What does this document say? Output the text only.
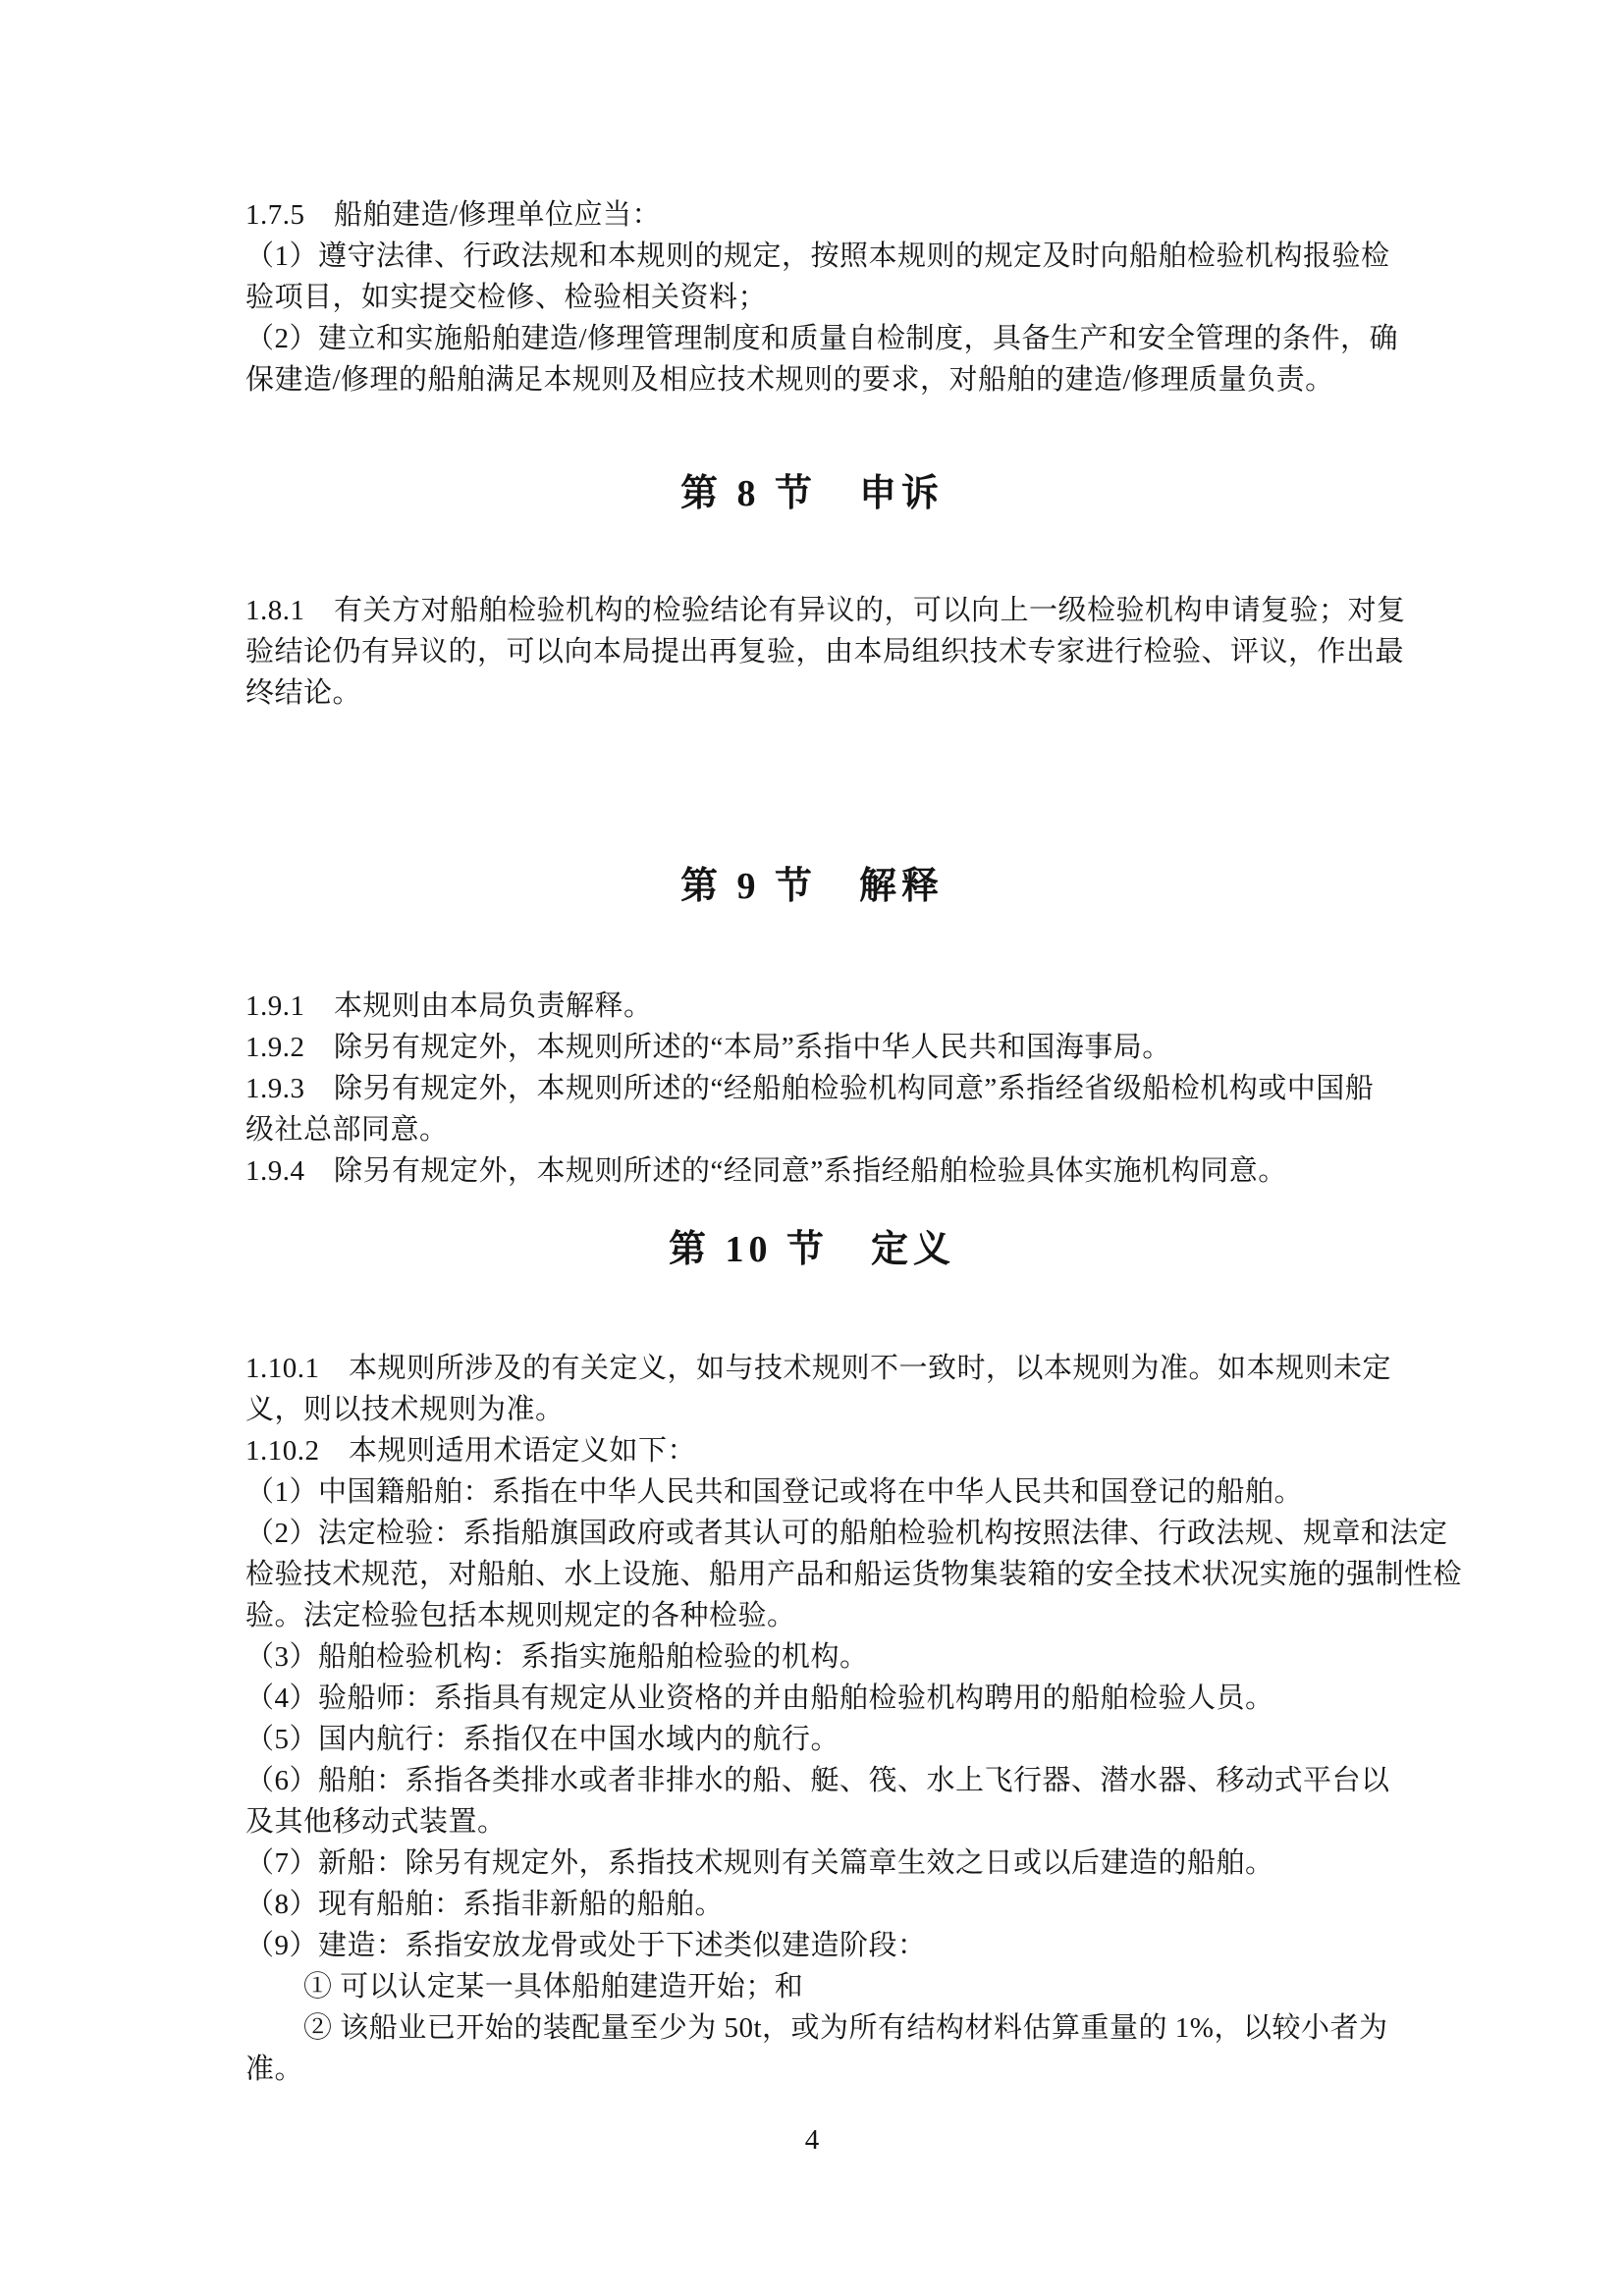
1.7.5　船舶建造/修理单位应当：
（1）遵守法律、行政法规和本规则的规定，按照本规则的规定及时向船舶检验机构报验检
验项目，如实提交检修、检验相关资料；
（2）建立和实施船舶建造/修理管理制度和质量自检制度，具备生产和安全管理的条件，确
保建造/修理的船舶满足本规则及相应技术规则的要求，对船舶的建造/修理质量负责。
第 8 节　申诉
1.8.1　有关方对船舶检验机构的检验结论有异议的，可以向上一级检验机构申请复验；对复
验结论仍有异议的，可以向本局提出再复验，由本局组织技术专家进行检验、评议，作出最
终结论。
第 9 节　解释
1.9.1　本规则由本局负责解释。
1.9.2　除另有规定外，本规则所述的“本局”系指中华人民共和国海事局。
1.9.3　除另有规定外，本规则所述的“经船舶检验机构同意”系指经省级船检机构或中国船
级社总部同意。
1.9.4　除另有规定外，本规则所述的“经同意”系指经船舶检验具体实施机构同意。
第 10 节　定义
1.10.1　本规则所涉及的有关定义，如与技术规则不一致时，以本规则为准。如本规则未定
义，则以技术规则为准。
1.10.2　本规则适用术语定义如下：
（1）中国籍船舶：系指在中华人民共和国登记或将在中华人民共和国登记的船舶。
（2）法定检验：系指船旗国政府或者其认可的船舶检验机构按照法律、行政法规、规章和法定
检验技术规范，对船舶、水上设施、船用产品和船运货物集装箱的安全技术状况实施的强制性检
验。法定检验包括本规则规定的各种检验。
（3）船舶检验机构：系指实施船舶检验的机构。
（4）验船师：系指具有规定从业资格的并由船舶检验机构聘用的船舶检验人员。
（5）国内航行：系指仅在中国水域内的航行。
（6）船舶：系指各类排水或者非排水的船、艇、筏、水上飞行器、潜水器、移动式平台以
及其他移动式装置。
（7）新船：除另有规定外，系指技术规则有关篇章生效之日或以后建造的船舶。
（8）现有船舶：系指非新船的船舶。
（9）建造：系指安放龙骨或处于下述类似建造阶段：
　　① 可以认定某一具体船舶建造开始；和
　　② 该船业已开始的装配量至少为 50t，或为所有结构材料估算重量的 1%，以较小者为
准。
4
